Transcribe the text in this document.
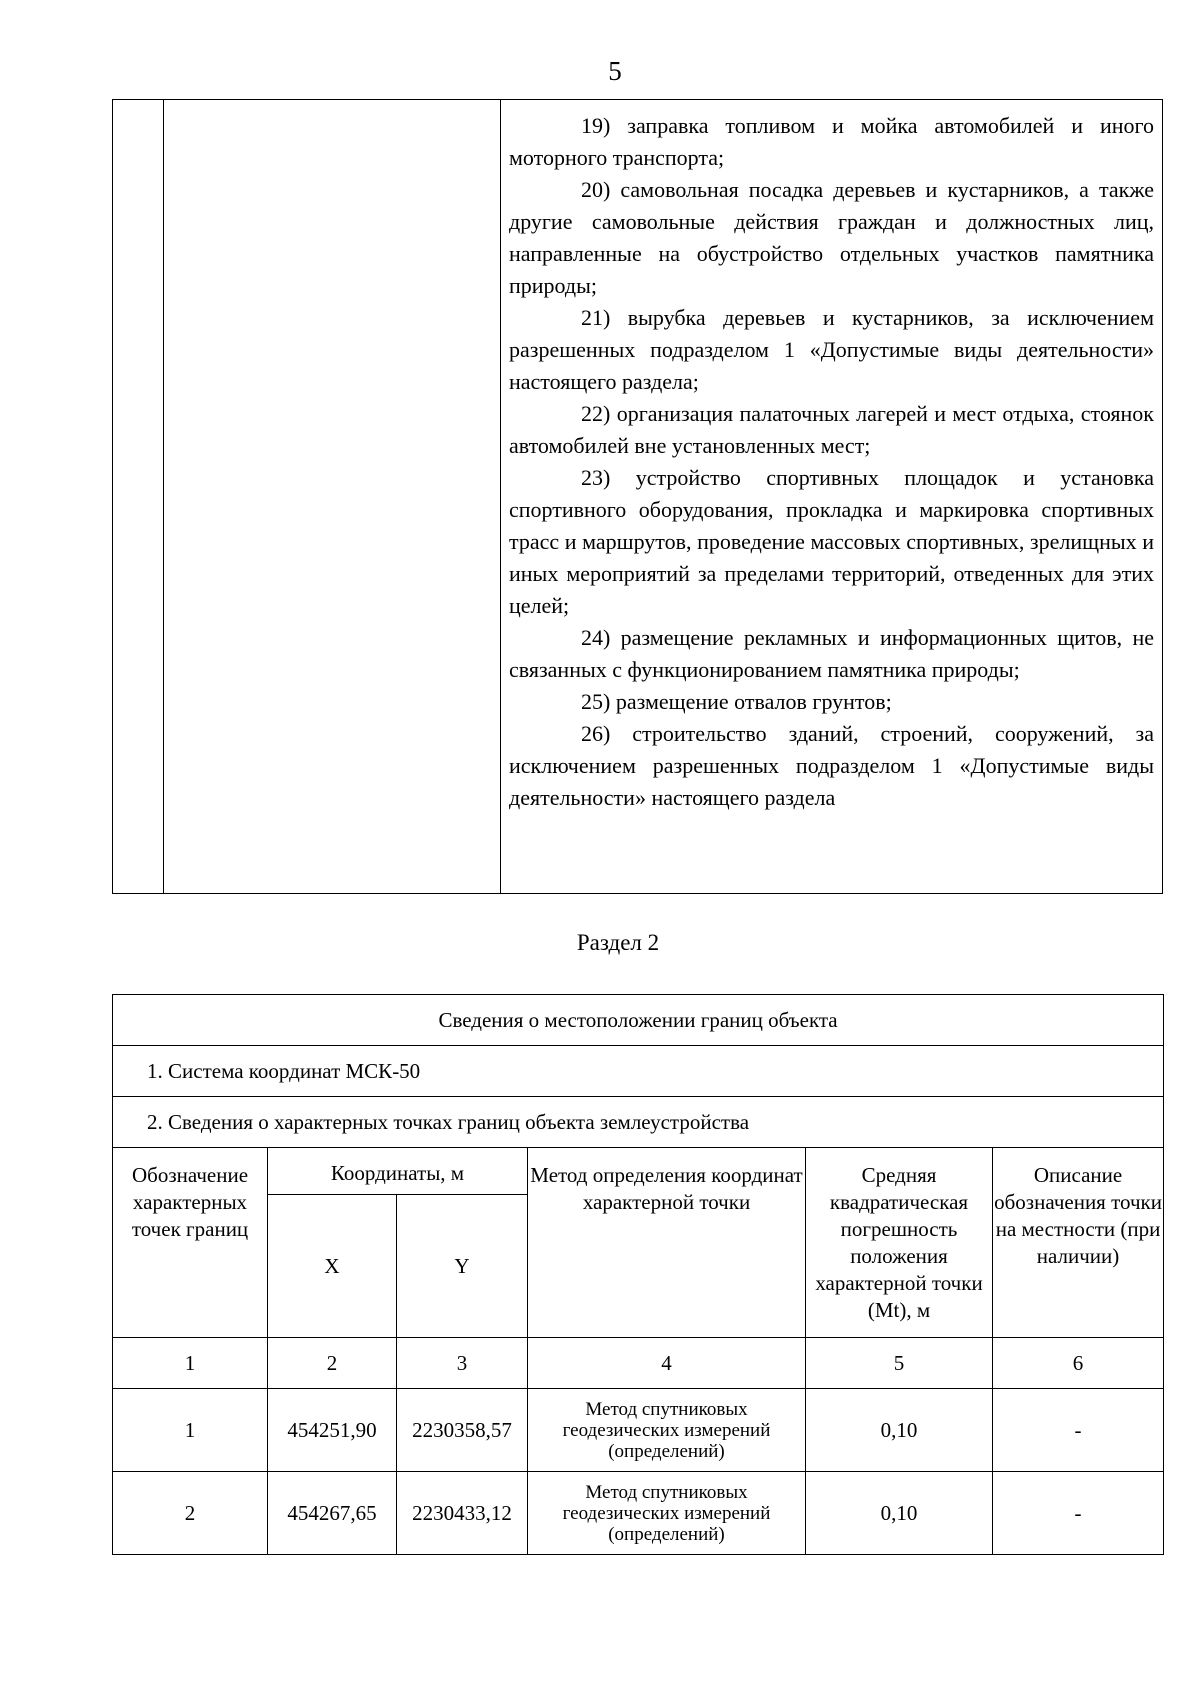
5

19) заправка топливом и мойка автомобилей и иного моторного транспорта;

20) самовольная посадка деревьев и кустарников, а также другие самовольные действия граждан и должностных лиц, направленные на обустройство отдельных участков памятника природы;

21) вырубка деревьев и кустарников, за исключением разрешенных подразделом 1 «Допустимые виды деятельности» настоящего раздела;

22) организация палаточных лагерей и мест отдыха, стоянок автомобилей вне установленных мест;

23) устройство спортивных площадок и установка спортивного оборудования, прокладка и маркировка спортивных трасс и маршрутов, проведение массовых спортивных, зрелищных и иных мероприятий за пределами территорий, отведенных для этих целей;

24) размещение рекламных и информационных щитов, не связанных с функционированием памятника природы;

25) размещение отвалов грунтов;

26) строительство зданий, строений, сооружений, за исключением разрешенных подразделом 1 «Допустимые виды деятельности» настоящего раздела

Раздел 2
Сведения о местоположении границ объекта					
1. Система координат МСК-50					
2. Сведения о характерных точках границ объекта землеустройства					
Обозначение характерных точек границ	Координаты, м		Метод определения координат характерной точки	Средняя квадратическая погрешность положения характерной точки (Mt), м	Описание обозначения точки на местности (при наличии)
	X	Y			
1	2	3	4	5	6
1	454251,90	2230358,57	Метод спутниковых геодезических измерений (определений)	0,10	-
2	454267,65	2230433,12	Метод спутниковых геодезических измерений (определений)	0,10	-
